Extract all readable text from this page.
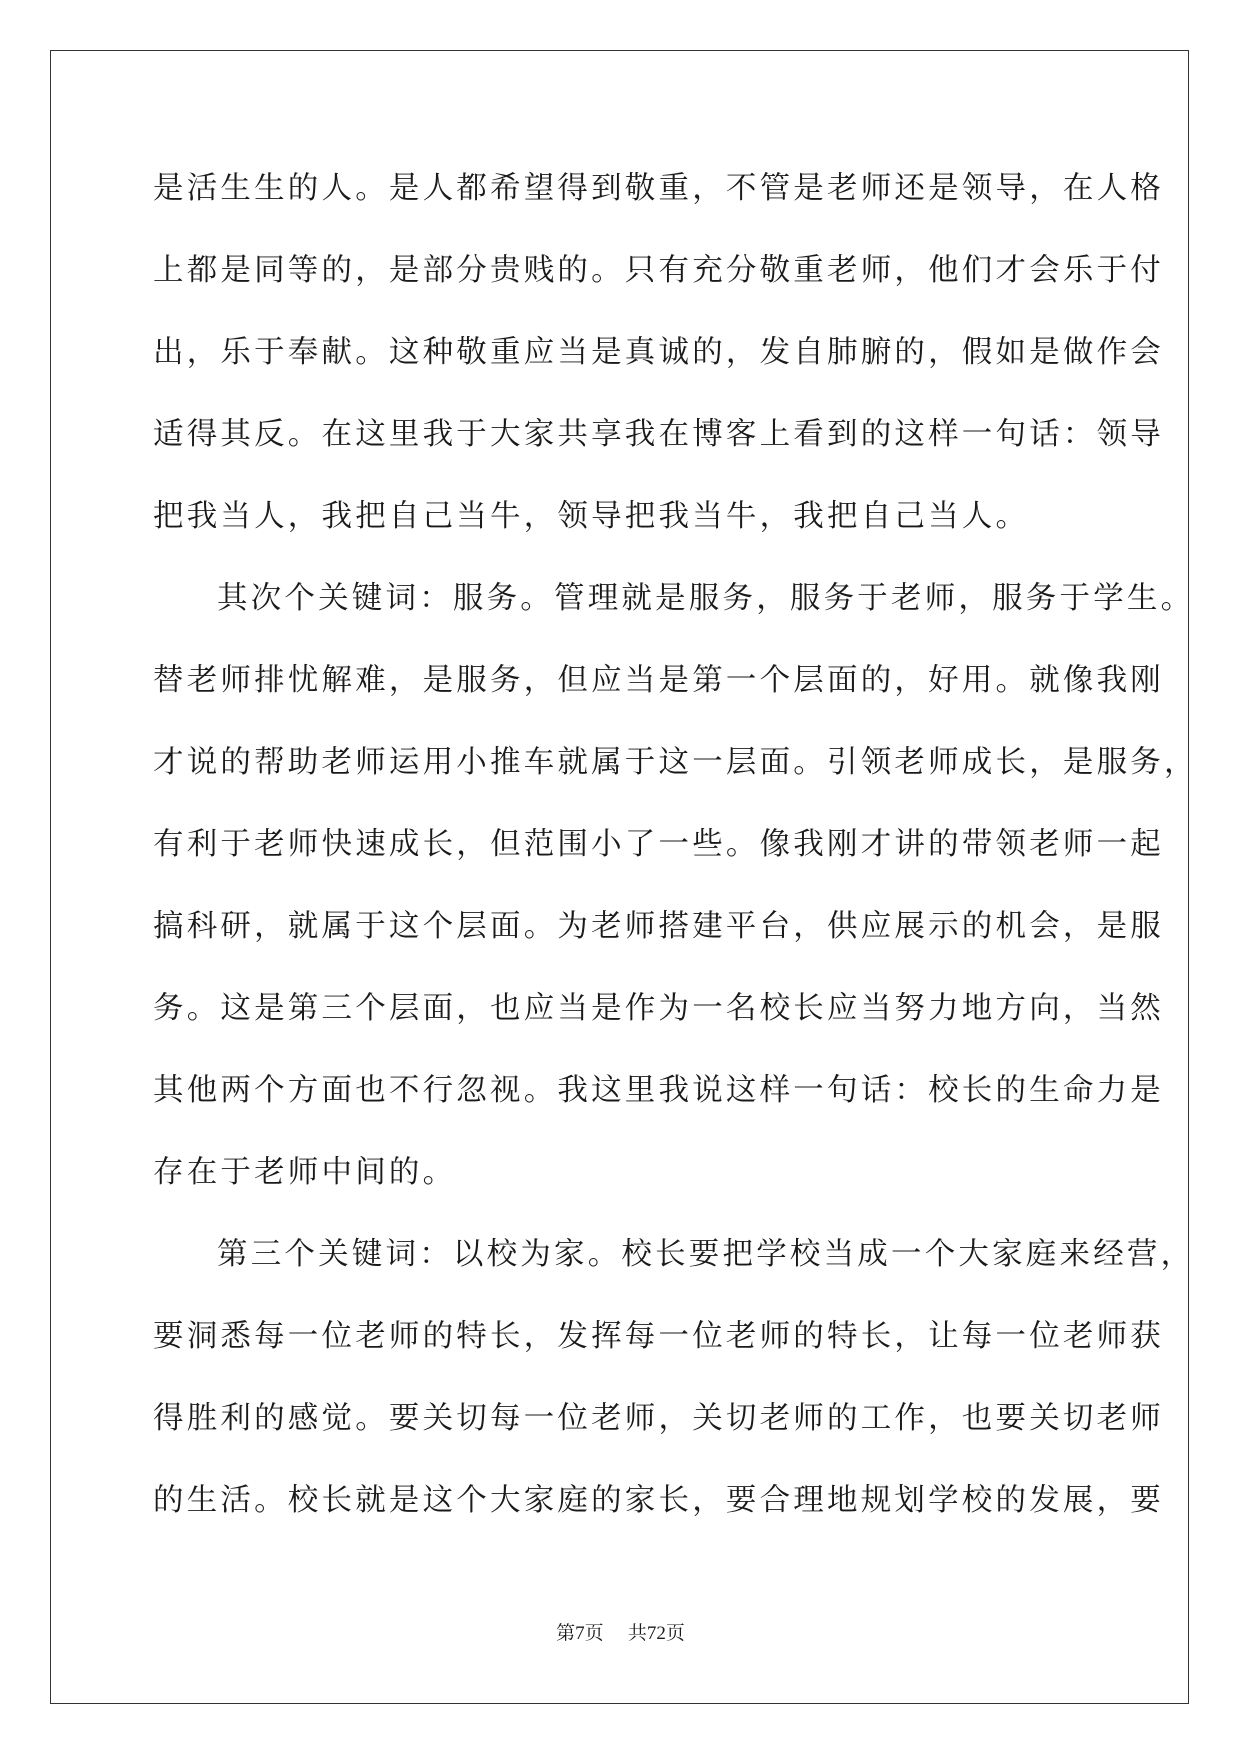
是活生生的人。是人都希望得到敬重，不管是老师还是领导，在人格
上都是同等的，是部分贵贱的。只有充分敬重老师，他们才会乐于付
出，乐于奉献。这种敬重应当是真诚的，发自肺腑的，假如是做作会
适得其反。在这里我于大家共享我在博客上看到的这样一句话：领导
把我当人，我把自己当牛，领导把我当牛，我把自己当人。
其次个关键词：服务。管理就是服务，服务于老师，服务于学生。
替老师排忧解难，是服务，但应当是第一个层面的，好用。就像我刚
才说的帮助老师运用小推车就属于这一层面。引领老师成长，是服务，
有利于老师快速成长，但范围小了一些。像我刚才讲的带领老师一起
搞科研，就属于这个层面。为老师搭建平台，供应展示的机会，是服
务。这是第三个层面，也应当是作为一名校长应当努力地方向，当然
其他两个方面也不行忽视。我这里我说这样一句话：校长的生命力是
存在于老师中间的。
第三个关键词：以校为家。校长要把学校当成一个大家庭来经营，
要洞悉每一位老师的特长，发挥每一位老师的特长，让每一位老师获
得胜利的感觉。要关切每一位老师，关切老师的工作，也要关切老师
的生活。校长就是这个大家庭的家长，要合理地规划学校的发展，要
第7页 共72页
